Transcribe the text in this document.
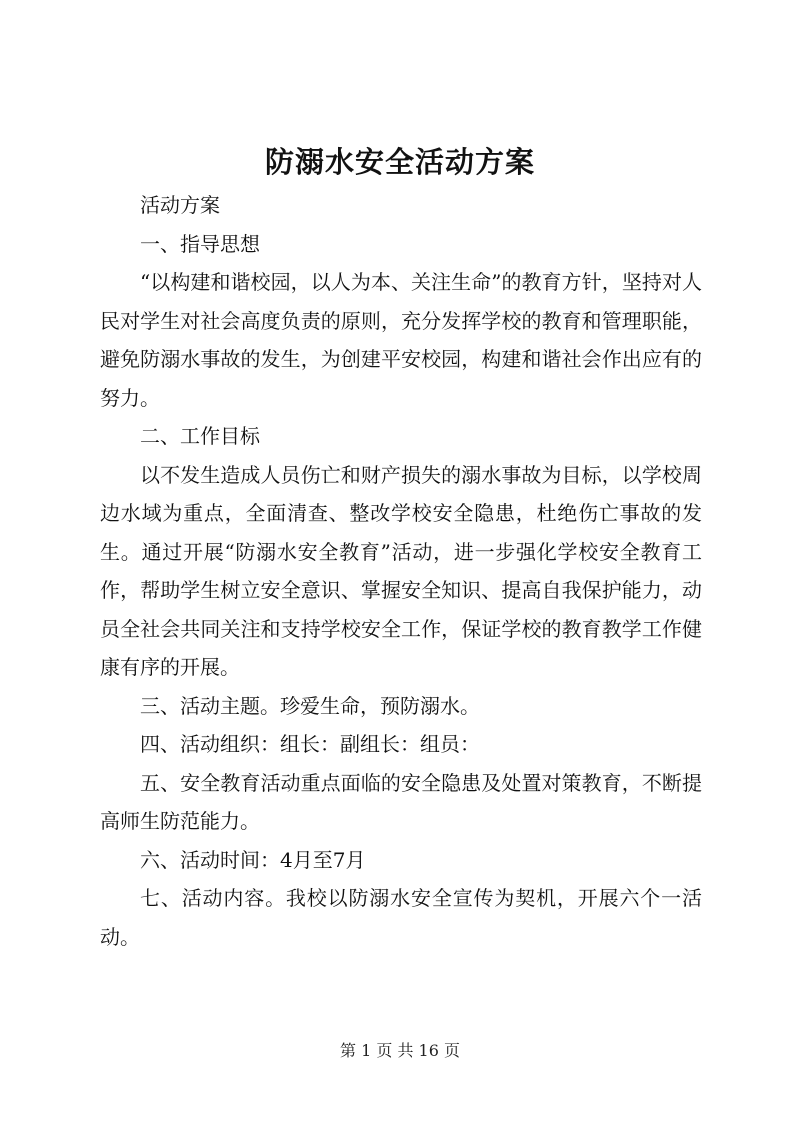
防溺水安全活动方案

活动方案

一、指导思想

“以构建和谐校园，以人为本、关注生命”的教育方针，坚持对人民对学生对社会高度负责的原则，充分发挥学校的教育和管理职能，避免防溺水事故的发生，为创建平安校园，构建和谐社会作出应有的努力。

二、工作目标

以不发生造成人员伤亡和财产损失的溺水事故为目标，以学校周边水域为重点，全面清查、整改学校安全隐患，杜绝伤亡事故的发生。通过开展“防溺水安全教育”活动，进一步强化学校安全教育工作，帮助学生树立安全意识、掌握安全知识、提高自我保护能力，动员全社会共同关注和支持学校安全工作，保证学校的教育教学工作健康有序的开展。

三、活动主题。珍爱生命，预防溺水。

四、活动组织：组长：副组长：组员：

五、安全教育活动重点面临的安全隐患及处置对策教育，不断提高师生防范能力。

六、活动时间：4月至7月

七、活动内容。我校以防溺水安全宣传为契机，开展六个一活动。

第 1 页 共 16 页
